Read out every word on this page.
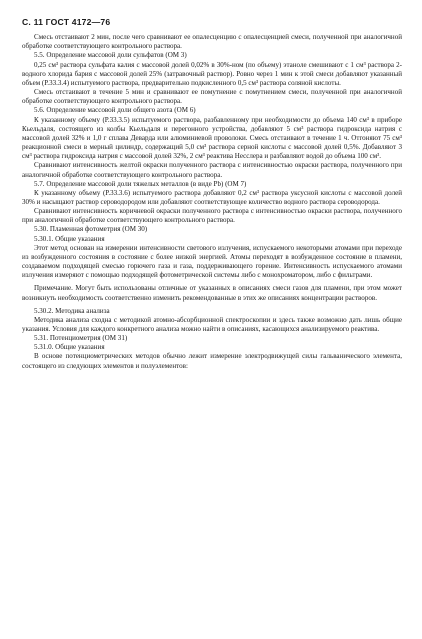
С. 11 ГОСТ 4172—76

Смесь отстаивают 2 мин, после чего сравнивают ее опалесценцию с опалесценцией смеси, полученной при аналогичной обработке соответствующего контрольного раствора.

5.5. Определение массовой доли сульфатов (ОМ 3)

0,25 см³ раствора сульфата калия с массовой долей 0,02% в 30%-ном (по объему) этаноле смешивают с 1 см³ раствора 2-водного хлорида бария с массовой долей 25% (затравочный раствор). Ровно через 1 мин к этой смеси добавляют указанный объем (Р.33.3.4) испытуемого раствора, предварительно подкисленного 0,5 см³ раствора соляной кислоты.

Смесь отстаивают в течение 5 мин и сравнивают ее помутнение с помутнением смеси, полученной при аналогичной обработке соответствующего контрольного раствора.

5.6. Определение массовой доли общего азота (ОМ 6)

К указанному объему (Р.33.3.5) испытуемого раствора, разбавленному при необходимости до объема 140 см³ в приборе Кьельдаля, состоящего из колбы Кьельдаля и перегонного устройства, добавляют 5 см³ раствора гидроксида натрия с массовой долей 32% и 1,0 г сплава Деварда или алюминиевой проволоки. Смесь отстаивают в течение 1 ч. Отгоняют 75 см³ реакционной смеси в мерный цилиндр, содержащий 5,0 см³ раствора серной кислоты с массовой долей 0,5%. Добавляют 3 см³ раствора гидроксида натрия с массовой долей 32%, 2 см³ реактива Несслера и разбавляют водой до объема 100 см³.

Сравнивают интенсивность желтой окраски полученного раствора с интенсивностью окраски раствора, полученного при аналогичной обработке соответствующего контрольного раствора.

5.7. Определение массовой доли тяжелых металлов (в виде Pb) (ОМ 7)

К указанному объему (Р.33.3.6) испытуемого раствора добавляют 0,2 см³ раствора уксусной кислоты с массовой долей 30% и насыщают раствор сероводородом или добавляют соответствующее количество водного раствора сероводорода.

Сравнивают интенсивность коричневой окраски полученного раствора с интенсивностью окраски раствора, полученного при аналогичной обработке соответствующего контрольного раствора.

5.30. Пламенная фотометрия (ОМ 30)

5.30.1. Общие указания

Этот метод основан на измерении интенсивности светового излучения, испускаемого некоторыми атомами при переходе из возбужденного состояния в состояние с более низкой энергией. Атомы переходят в возбужденное состояние в пламени, создаваемом подходящей смесью горючего газа и газа, поддерживающего горение. Интенсивность испускаемого атомами излучения измеряют с помощью подходящей фотометрической системы либо с монохроматором, либо с фильтрами.

Примечание. Могут быть использованы отличные от указанных в описаниях смеси газов для пламени, при этом может возникнуть необходимость соответственно изменить рекомендованные в этих же описаниях концентрации растворов.

5.30.2. Методика анализа

Методика анализа сходна с методикой атомно-абсорбционной спектроскопии и здесь также возможно дать лишь общие указания. Условия для каждого конкретного анализа можно найти в описаниях, касающихся анализируемого реактива.

5.31. Потенциометрия (ОМ 31)

5.31.0. Общие указания

В основе потенциометрических методов обычно лежит измерение электродвижущей силы гальванического элемента, состоящего из следующих элементов и полуэлементов:
